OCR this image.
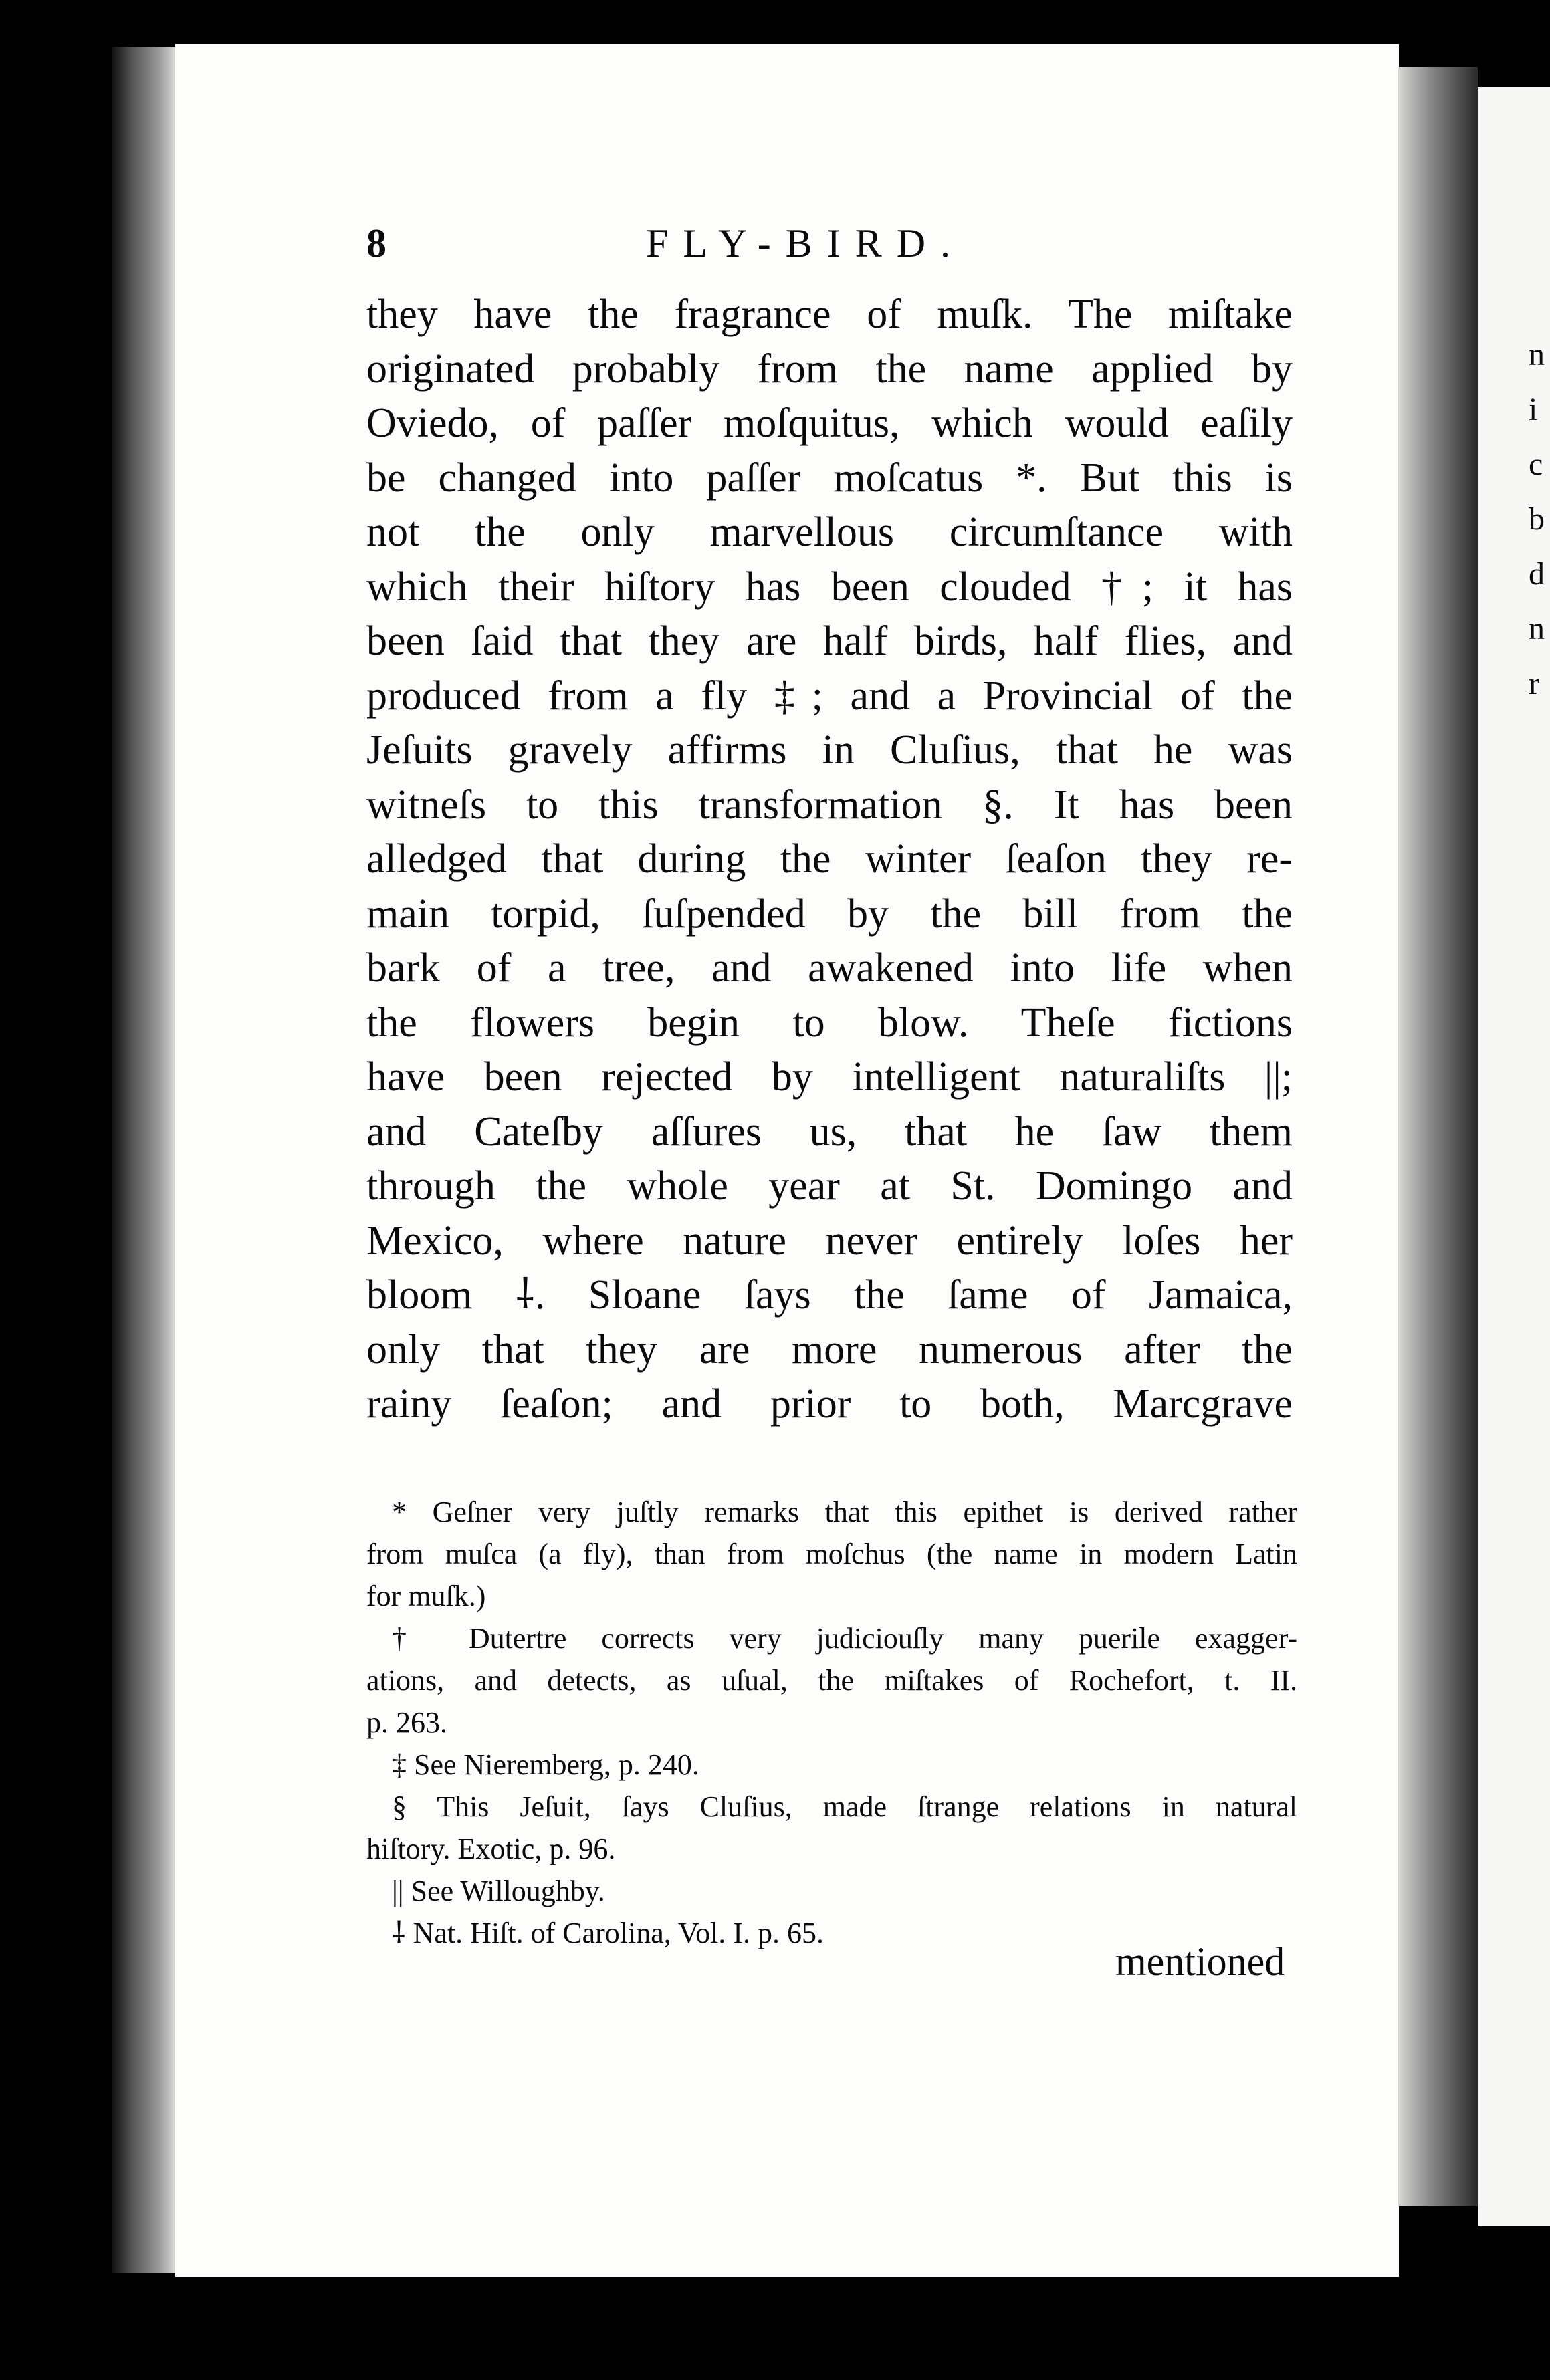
8	FLY-BIRD.
they have the fragrance of muſk. The miſtake
originated probably from the name applied by
Oviedo, of paſſer moſquitus, which would eaſily
be changed into paſſer moſcatus *. But this is
not the only marvellous circumſtance with
which their hiſtory has been clouded †; it has
been ſaid that they are half birds, half flies, and
produced from a fly ‡; and a Provincial of the
Jeſuits gravely affirms in Cluſius, that he was
witneſs to this transformation §. It has been
alledged that during the winter ſeaſon they re-
main torpid, ſuſpended by the bill from the
bark of a tree, and awakened into life when
the flowers begin to blow. Theſe fictions
have been rejected by intelligent naturaliſts ||;
and Cateſby aſſures us, that he ſaw them
through the whole year at St. Domingo and
Mexico, where nature never entirely loſes her
bloom ⸸. Sloane ſays the ſame of Jamaica,
only that they are more numerous after the
rainy ſeaſon; and prior to both, Marcgrave
* Geſner very juſtly remarks that this epithet is derived rather
from muſca (a fly), than from moſchus (the name in modern Latin
for muſk.)
† Dutertre corrects very judiciouſly many puerile exagger-
ations, and detects, as uſual, the miſtakes of Rochefort, t. II.
p. 263.
‡ See Nieremberg, p. 240.
§ This Jeſuit, ſays Cluſius, made ſtrange relations in natural
hiſtory. Exotic, p. 96.
|| See Willoughby.
⸸ Nat. Hiſt. of Carolina, Vol. I. p. 65.
mentioned
n
i
c
b
d
n
r
